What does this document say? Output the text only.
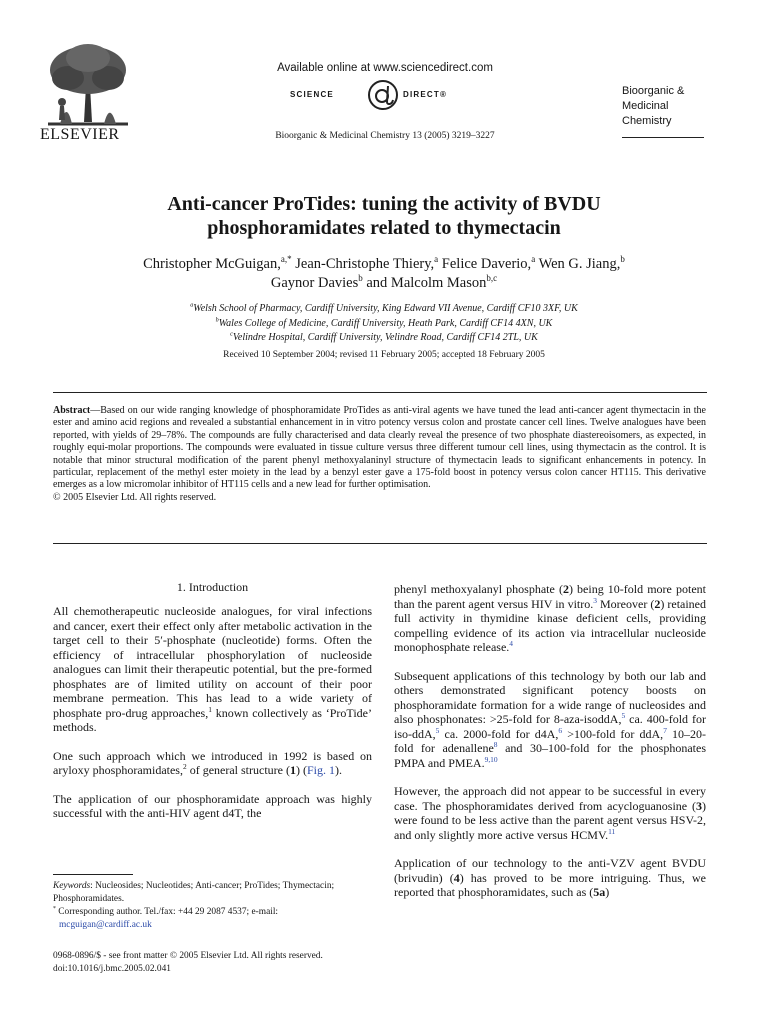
ELSEVIER
Available online at www.sciencedirect.com
SCIENCE	DIRECT®
Bioorganic & Medicinal Chemistry 13 (2005) 3219–3227
Bioorganic &
Medicinal
Chemistry
Anti-cancer ProTides: tuning the activity of BVDU
phosphoramidates related to thymectacin
Christopher McGuigan,$^{a,*}$ Jean-Christophe Thiery,$^a$ Felice Daverio,$^a$ Wen G. Jiang,$^b$
Gaynor Davies$^b$ and Malcolm Mason$^{b,c}$
$^a$Welsh School of Pharmacy, Cardiff University, King Edward VII Avenue, Cardiff CF10 3XF, UK
$^b$Wales College of Medicine, Cardiff University, Heath Park, Cardiff CF14 4XN, UK
$^c$Velindre Hospital, Cardiff University, Velindre Road, Cardiff CF14 2TL, UK
Received 10 September 2004; revised 11 February 2005; accepted 18 February 2005
Abstract—Based on our wide ranging knowledge of phosphoramidate ProTides as anti-viral agents we have tuned the lead anti-cancer agent thymectacin in the ester and amino acid regions and revealed a substantial enhancement in in vitro potency versus colon and prostate cancer cell lines. Twelve analogues have been reported, with yields of 29–78%. The compounds are fully characterised and data clearly reveal the presence of two phosphate diastereoisomers, as expected, in roughly equi-molar proportions. The compounds were evaluated in tissue culture versus three different tumour cell lines, using thymectacin as the control. It is notable that minor structural modification of the parent phenyl methoxyalaninyl structure of thymectacin leads to significant enhancements in potency. In particular, replacement of the methyl ester moiety in the lead by a benzyl ester gave a 175-fold boost in potency versus colon cancer HT115. This derivative emerges as a low micromolar inhibitor of HT115 cells and a new lead for further optimisation.
© 2005 Elsevier Ltd. All rights reserved.
1. Introduction

All chemotherapeutic nucleoside analogues, for viral infections and cancer, exert their effect only after metabolic activation in the target cell to their 5′-phosphate (nucleotide) forms. Often the efficiency of intracellular phosphorylation of nucleoside analogues can limit their therapeutic potential, but the pre-formed phosphates are of limited utility on account of their poor membrane permeation. This has lead to a wide variety of phosphate pro-drug approaches,$^1$ known collectively as ‘ProTide’ methods.

One such approach which we introduced in 1992 is based on aryloxy phosphoramidates,$^2$ of general structure (1) (Fig. 1).

The application of our phosphoramidate approach was highly successful with the anti-HIV agent d4T, the

Keywords: Nucleosides; Nucleotides; Anti-cancer; ProTides; Thymectacin; Phosphoramidates.
* Corresponding author. Tel./fax: +44 29 2087 4537; e-mail:
mcguigan@cardiff.ac.uk
0968-0896/$ - see front matter © 2005 Elsevier Ltd. All rights reserved.
doi:10.1016/j.bmc.2005.02.041

phenyl methoxyalanyl phosphate (2) being 10-fold more potent than the parent agent versus HIV in vitro.$^3$ Moreover (2) retained full activity in thymidine kinase deficient cells, providing compelling evidence of its action via intracellular nucleoside monophosphate release.$^4$

Subsequent applications of this technology by both our lab and others demonstrated significant potency boosts on phosphoramidate formation for a wide range of nucleosides and also phosphonates: >25-fold for 8-aza-isoddA,$^5$ ca. 400-fold for iso-ddA,$^5$ ca. 2000-fold for d4A,$^6$ >100-fold for ddA,$^7$ 10–20-fold for adenallene$^8$ and 30–100-fold for the phosphonates PMPA and PMEA.$^{9,10}$

However, the approach did not appear to be successful in every case. The phosphoramidates derived from acycloguanosine (3) were found to be less active than the parent agent versus HSV-2, and only slightly more active versus HCMV.$^{11}$

Application of our technology to the anti-VZV agent BVDU (brivudin) (4) has proved to be more intriguing. Thus, we reported that phosphoramidates, such as (5a)
